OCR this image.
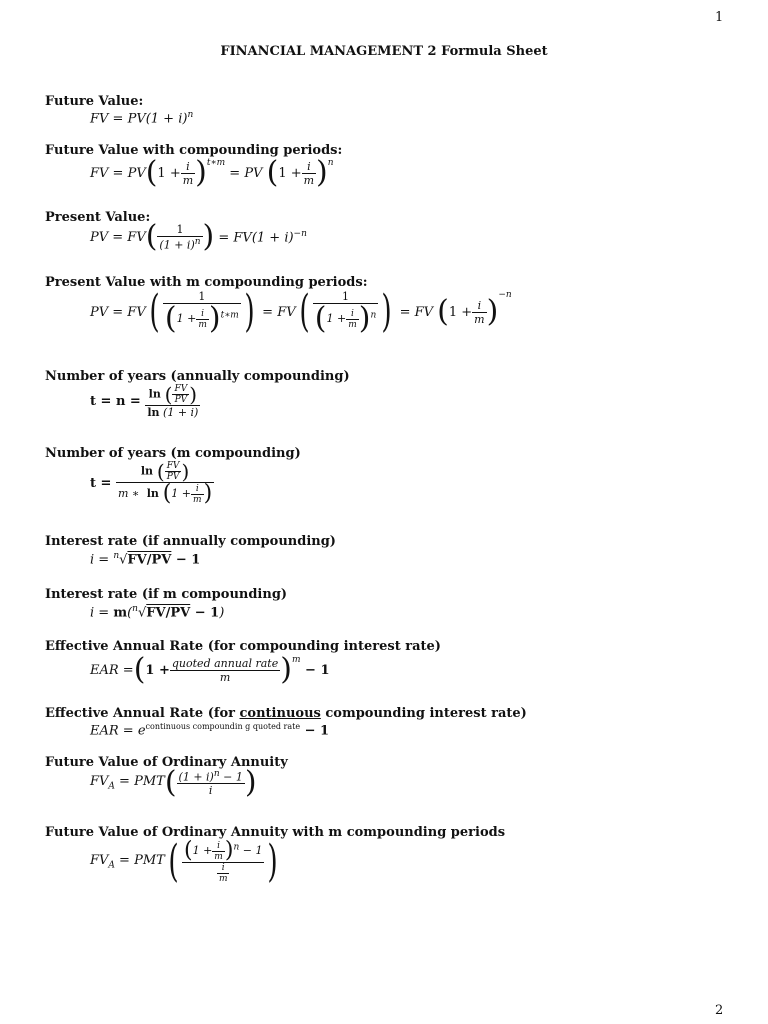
1
FINANCIAL MANAGEMENT 2 Formula Sheet
Future Value:
FV = $PV(1 + i)^n$
Future Value with compounding periods:
FV = PV ( $1 + \frac{i}{m} )^{t∗m}$
= PV ( $1 + \frac{i}{m} )^n$
Present Value:
PV = FV ( $\frac{1}{(1 + i)^n}$ ) = $FV(1 + i)^{-n}$
Present Value with m compounding periods:
PV = FV ( $\frac{1}{(1 + \frac{i}{m} )^{t∗m}}$ ) = FV ( $\frac{1}{(1 + \frac{i}{m} )^n}$ ) = FV ( $1 + \frac{i}{m} )^{-n}$
Number of years (annually compounding)
$t = n = \frac{\ln ( \frac{FV}{PV} )}{\ln (1 + i)}$
Number of years (m compounding)
$t = \frac{\ln ( \frac{FV}{PV} )}{m ∗ \ln (1 + \frac{i}{m} )}$
Interest rate (if annually compounding)
i = $^n$√FV/PV − 1
Interest rate (if m compounding)
i = m($^n$√FV/PV − 1)
Effective Annual Rate (for compounding interest rate)
EAR = ( $1 + \frac{\text{quoted annual rate}}{m} )^m$
− 1
Effective Annual Rate (for continuous compounding interest rate)
EAR = $e^{continuous compoundin g quoted rate} - 1$
Future Value of Ordinary Annuity
$FV_A$ = PMT ( $\frac{(1 + i)^n - 1}{i}$ )
Future Value of Ordinary Annuity with m compounding periods
$FV_A$ = PMT ( $\frac{(1 + \frac{i}{m} )^n - 1}{\frac{i}{m}}$ )
2
